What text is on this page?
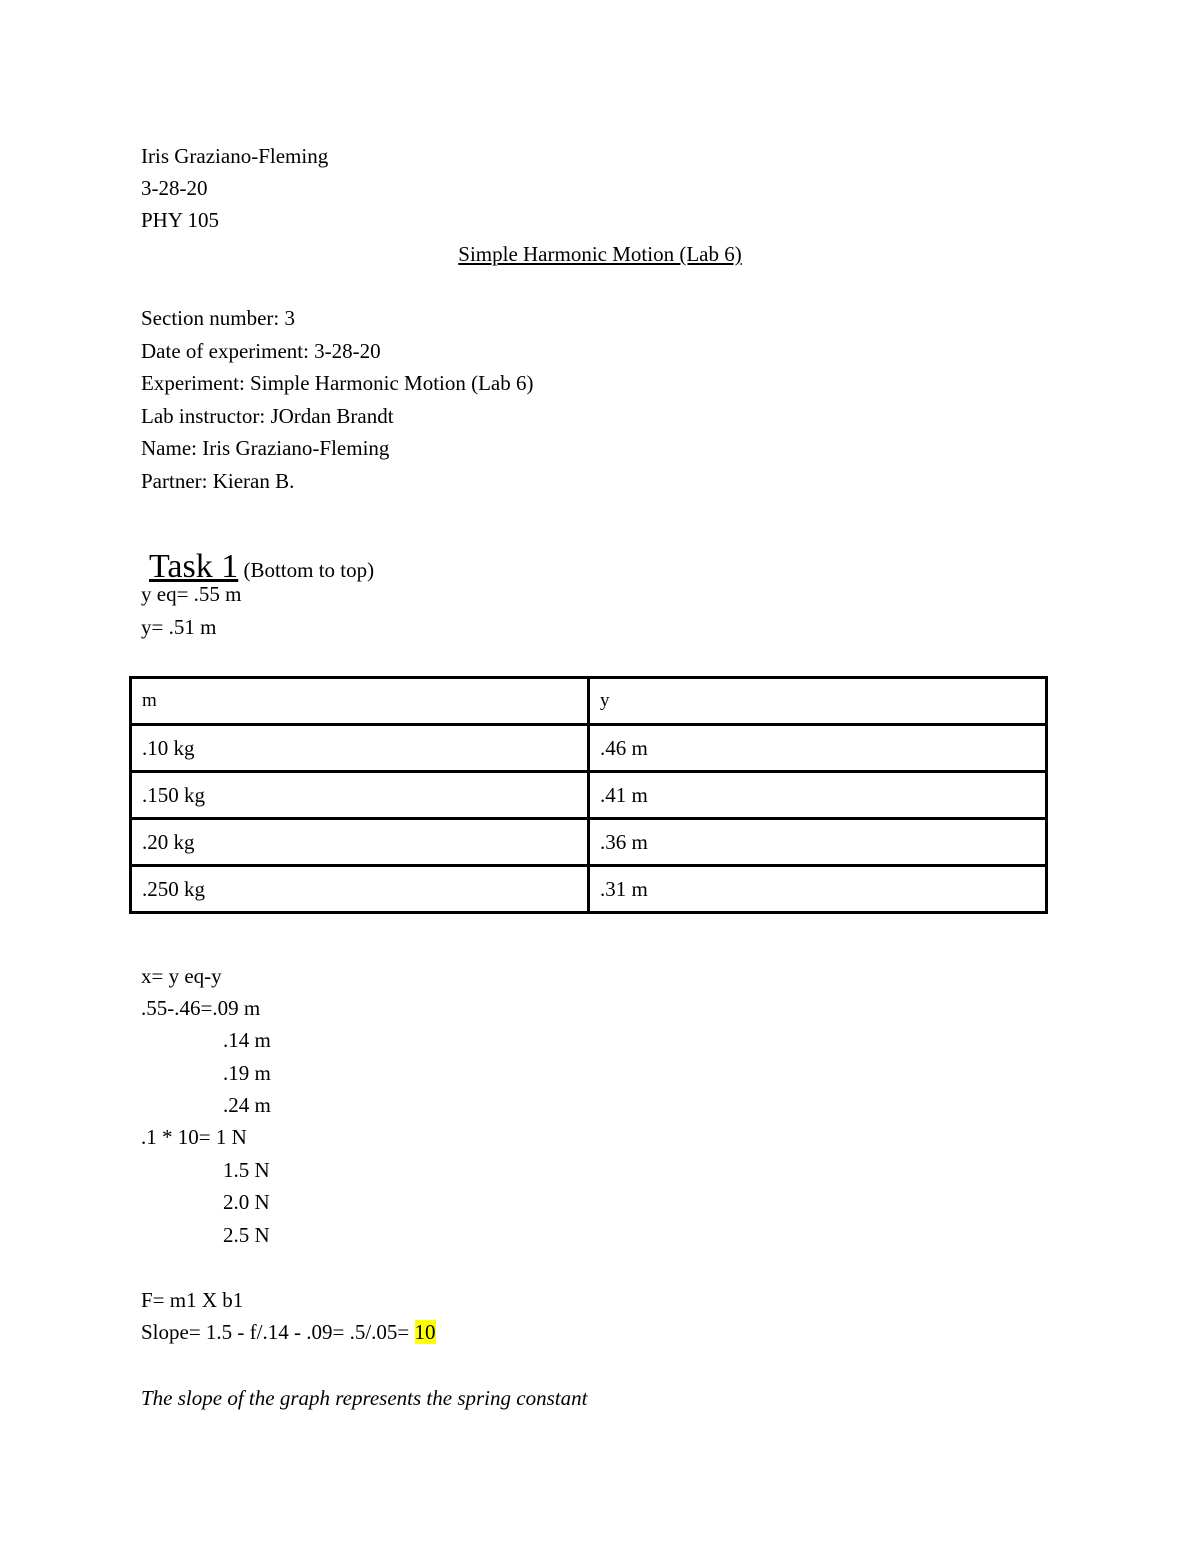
Iris Graziano-Fleming
3-28-20
PHY 105
Simple Harmonic Motion (Lab 6)
Section number: 3
Date of experiment: 3-28-20
Experiment: Simple Harmonic Motion (Lab 6)
Lab instructor: JOrdan Brandt
Name: Iris Graziano-Fleming
Partner: Kieran B.

Task 1 (Bottom to top)

y eq= .55 m
y= .51 m
m	y
.10 kg	.46 m
.150 kg	.41 m
.20 kg	.36 m
.250 kg	.31 m
x= y eq-y
.55-.46=.09 m
.14 m
.19 m
.24 m
.1 * 10= 1 N
1.5 N
2.0 N
2.5 N
F= m1 X b1
Slope= 1.5 - f/.14 - .09= .5/.05= 10
The slope of the graph represents the spring constant
